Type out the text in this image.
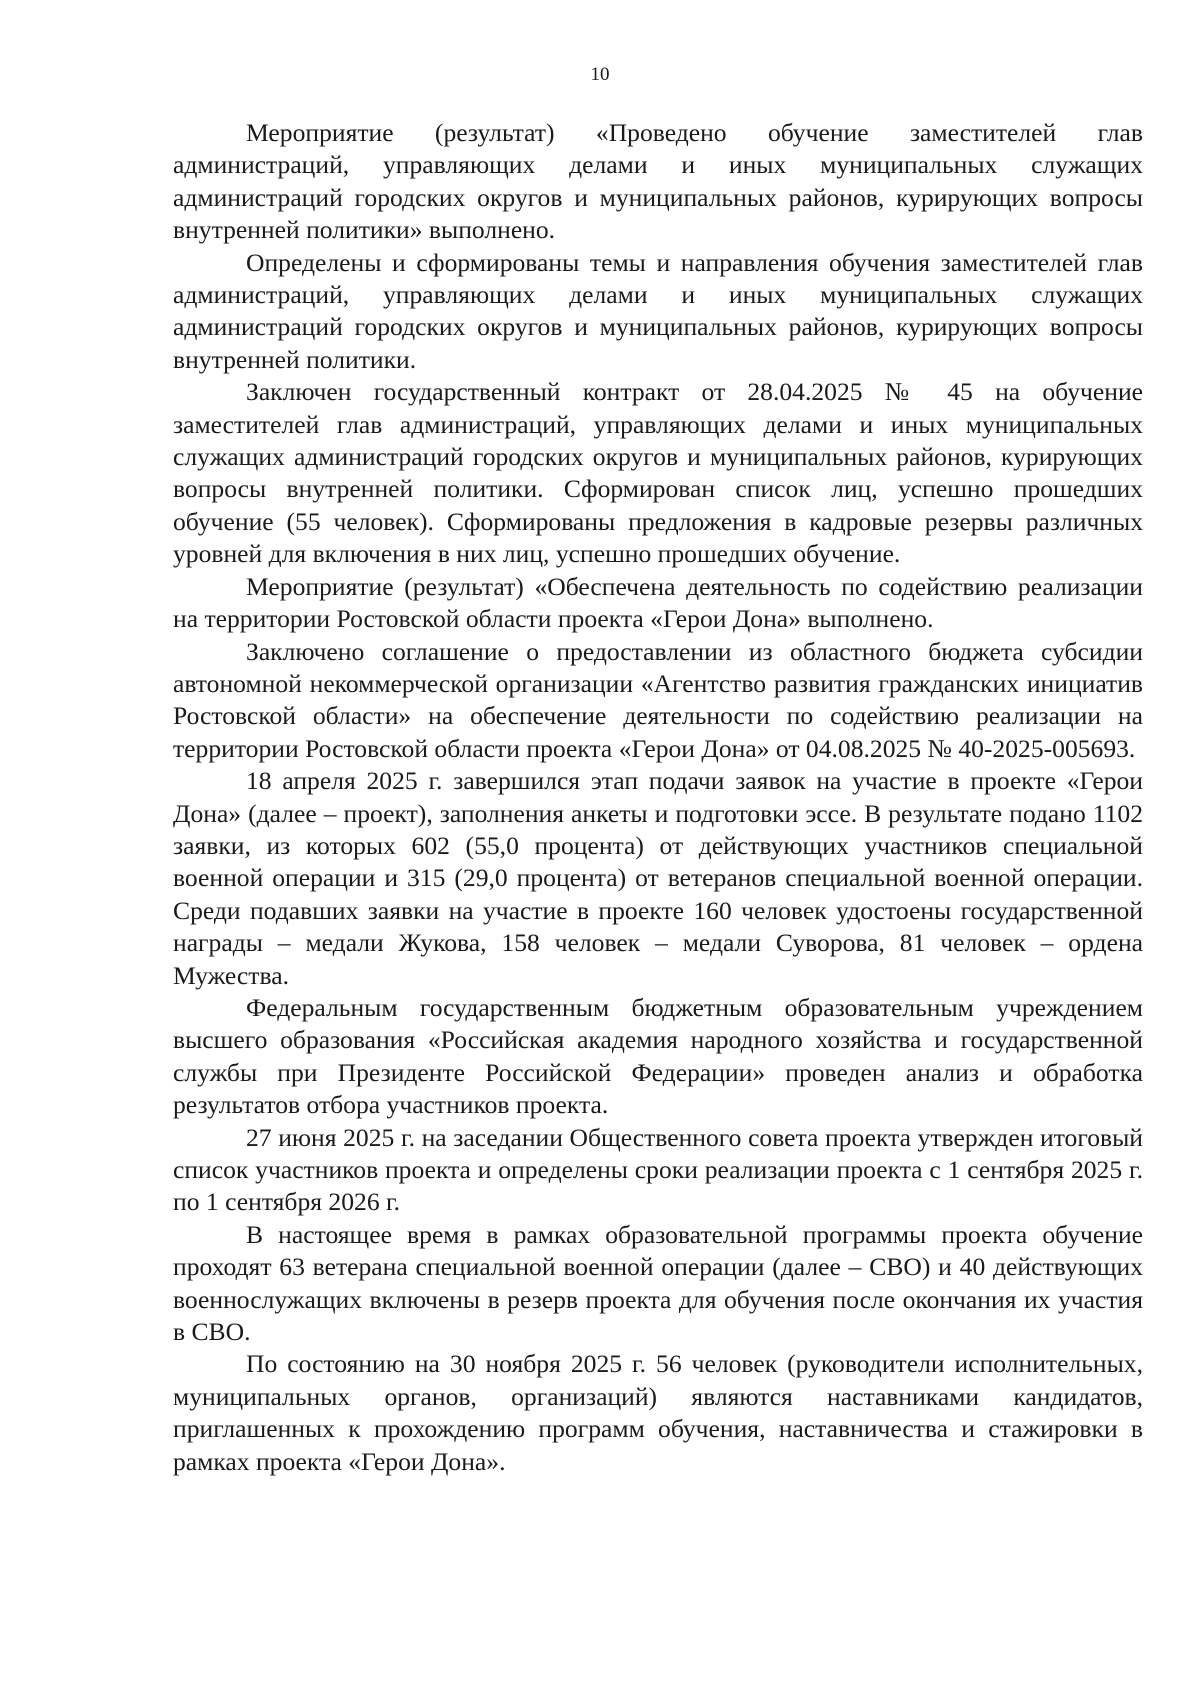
10

Мероприятие (результат) «Проведено обучение заместителей глав администраций, управляющих делами и иных муниципальных служащих администраций городских округов и муниципальных районов, курирующих вопросы внутренней политики» выполнено.

Определены и сформированы темы и направления обучения заместителей глав администраций, управляющих делами и иных муниципальных служащих администраций городских округов и муниципальных районов, курирующих вопросы внутренней политики.

Заключен государственный контракт от 28.04.2025 № 45 на обучение заместителей глав администраций, управляющих делами и иных муниципальных служащих администраций городских округов и муниципальных районов, курирующих вопросы внутренней политики. Сформирован список лиц, успешно прошедших обучение (55 человек). Сформированы предложения в кадровые резервы различных уровней для включения в них лиц, успешно прошедших обучение.

Мероприятие (результат) «Обеспечена деятельность по содействию реализации на территории Ростовской области проекта «Герои Дона» выполнено.

Заключено соглашение о предоставлении из областного бюджета субсидии автономной некоммерческой организации «Агентство развития гражданских инициатив Ростовской области» на обеспечение деятельности по содействию реализации на территории Ростовской области проекта «Герои Дона» от 04.08.2025 № 40-2025-005693.

18 апреля 2025 г. завершился этап подачи заявок на участие в проекте «Герои Дона» (далее – проект), заполнения анкеты и подготовки эссе. В результате подано 1102 заявки, из которых 602 (55,0 процента) от действующих участников специальной военной операции и 315 (29,0 процента) от ветеранов специальной военной операции. Среди подавших заявки на участие в проекте 160 человек удостоены государственной награды – медали Жукова, 158 человек – медали Суворова, 81 человек – ордена Мужества.

Федеральным государственным бюджетным образовательным учреждением высшего образования «Российская академия народного хозяйства и государственной службы при Президенте Российской Федерации» проведен анализ и обработка результатов отбора участников проекта.

27 июня 2025 г. на заседании Общественного совета проекта утвержден итоговый список участников проекта и определены сроки реализации проекта с 1 сентября 2025 г. по 1 сентября 2026 г.

В настоящее время в рамках образовательной программы проекта обучение проходят 63 ветерана специальной военной операции (далее – СВО) и 40 действующих военнослужащих включены в резерв проекта для обучения после окончания их участия в СВО.

По состоянию на 30 ноября 2025 г. 56 человек (руководители исполнительных, муниципальных органов, организаций) являются наставниками кандидатов, приглашенных к прохождению программ обучения, наставничества и стажировки в рамках проекта «Герои Дона».
